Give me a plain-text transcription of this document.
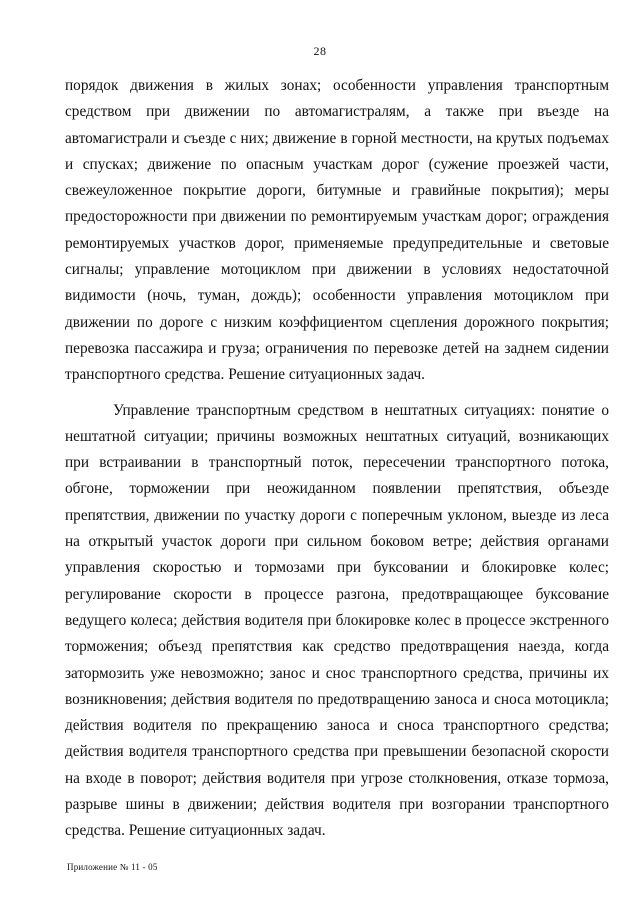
28

порядок движения в жилых зонах; особенности управления транспортным средством при движении по автомагистралям, а также при въезде на автомагистрали и съезде с них; движение в горной местности, на крутых подъемах и спусках; движение по опасным участкам дорог (сужение проезжей части, свежеуложенное покрытие дороги, битумные и гравийные покрытия); меры предосторожности при движении по ремонтируемым участкам дорог; ограждения ремонтируемых участков дорог, применяемые предупредительные и световые сигналы; управление мотоциклом при движении в условиях недостаточной видимости (ночь, туман, дождь); особенности управления мотоциклом при движении по дороге с низким коэффициентом сцепления дорожного покрытия; перевозка пассажира и груза; ограничения по перевозке детей на заднем сидении транспортного средства. Решение ситуационных задач.

Управление транспортным средством в нештатных ситуациях: понятие о нештатной ситуации; причины возможных нештатных ситуаций, возникающих при встраивании в транспортный поток, пересечении транспортного потока, обгоне, торможении при неожиданном появлении препятствия, объезде препятствия, движении по участку дороги с поперечным уклоном, выезде из леса на открытый участок дороги при сильном боковом ветре; действия органами управления скоростью и тормозами при буксовании и блокировке колес; регулирование скорости в процессе разгона, предотвращающее буксование ведущего колеса; действия водителя при блокировке колес в процессе экстренного торможения; объезд препятствия как средство предотвращения наезда, когда затормозить уже невозможно; занос и снос транспортного средства, причины их возникновения; действия водителя по предотвращению заноса и сноса мотоцикла; действия водителя по прекращению заноса и сноса транспортного средства; действия водителя транспортного средства при превышении безопасной скорости на входе в поворот; действия водителя при угрозе столкновения, отказе тормоза, разрыве шины в движении; действия водителя при возгорании транспортного средства. Решение ситуационных задач.

Приложение № 11 - 05
